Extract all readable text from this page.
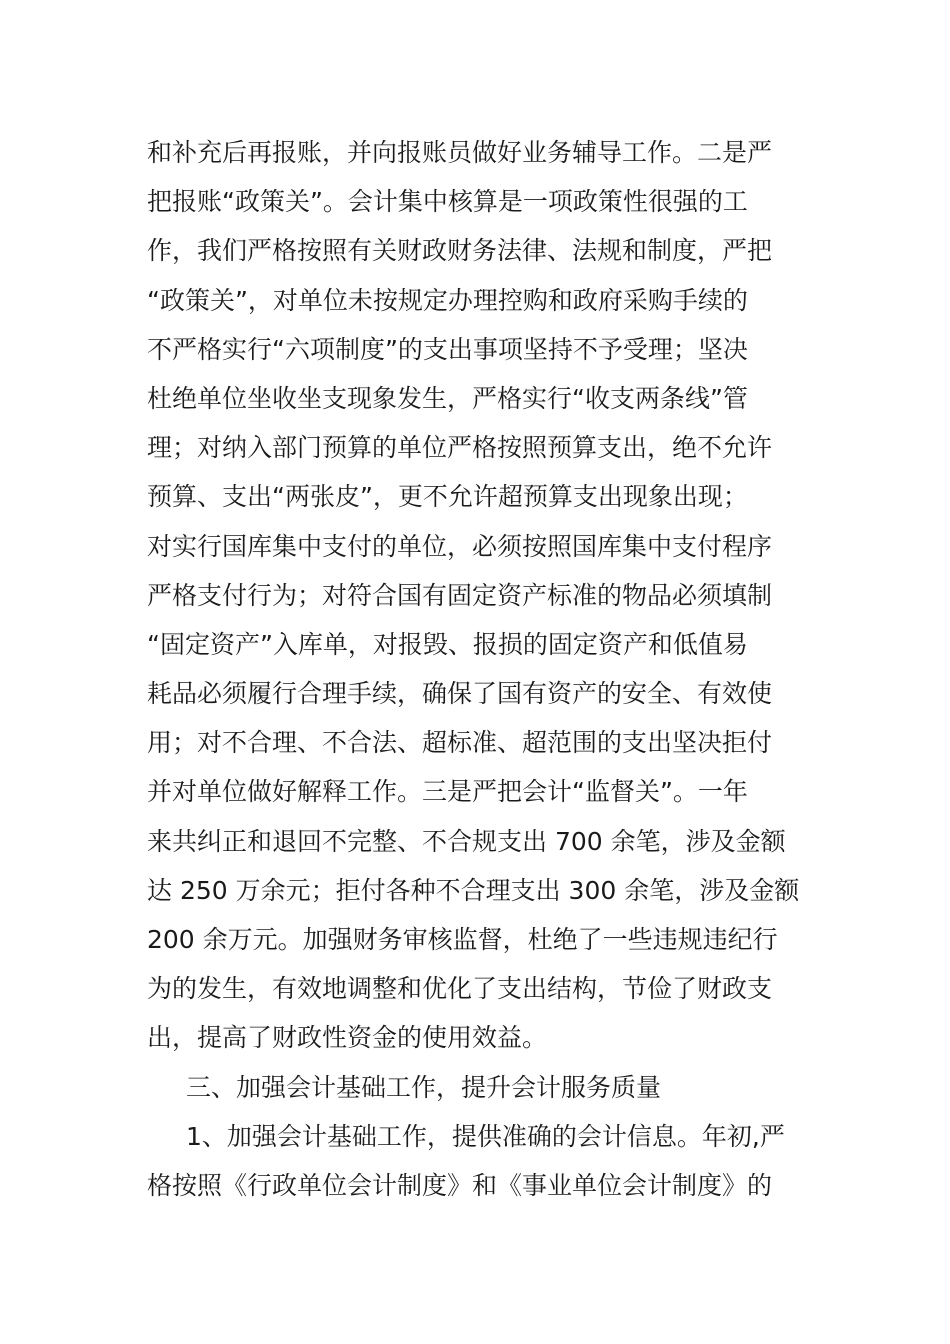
和补充后再报账，并向报账员做好业务辅导工作。二是严
把报账“政策关”。会计集中核算是一项政策性很强的工
作，我们严格按照有关财政财务法律、法规和制度，严把
“政策关”，对单位未按规定办理控购和政府采购手续的
不严格实行“六项制度”的支出事项坚持不予受理；坚决
杜绝单位坐收坐支现象发生，严格实行“收支两条线”管
理；对纳入部门预算的单位严格按照预算支出，绝不允许
预算、支出“两张皮”，更不允许超预算支出现象出现；
对实行国库集中支付的单位，必须按照国库集中支付程序
严格支付行为；对符合国有固定资产标准的物品必须填制
“固定资产”入库单，对报毁、报损的固定资产和低值易
耗品必须履行合理手续，确保了国有资产的安全、有效使
用；对不合理、不合法、超标准、超范围的支出坚决拒付
并对单位做好解释工作。三是严把会计“监督关”。一年
来共纠正和退回不完整、不合规支出 700 余笔，涉及金额
达 250 万余元；拒付各种不合理支出 300 余笔，涉及金额
200 余万元。加强财务审核监督，杜绝了一些违规违纪行
为的发生，有效地调整和优化了支出结构，节俭了财政支
出，提高了财政性资金的使用效益。
三、加强会计基础工作，提升会计服务质量
1、加强会计基础工作，提供准确的会计信息。年初,严
格按照《行政单位会计制度》和《事业单位会计制度》的
